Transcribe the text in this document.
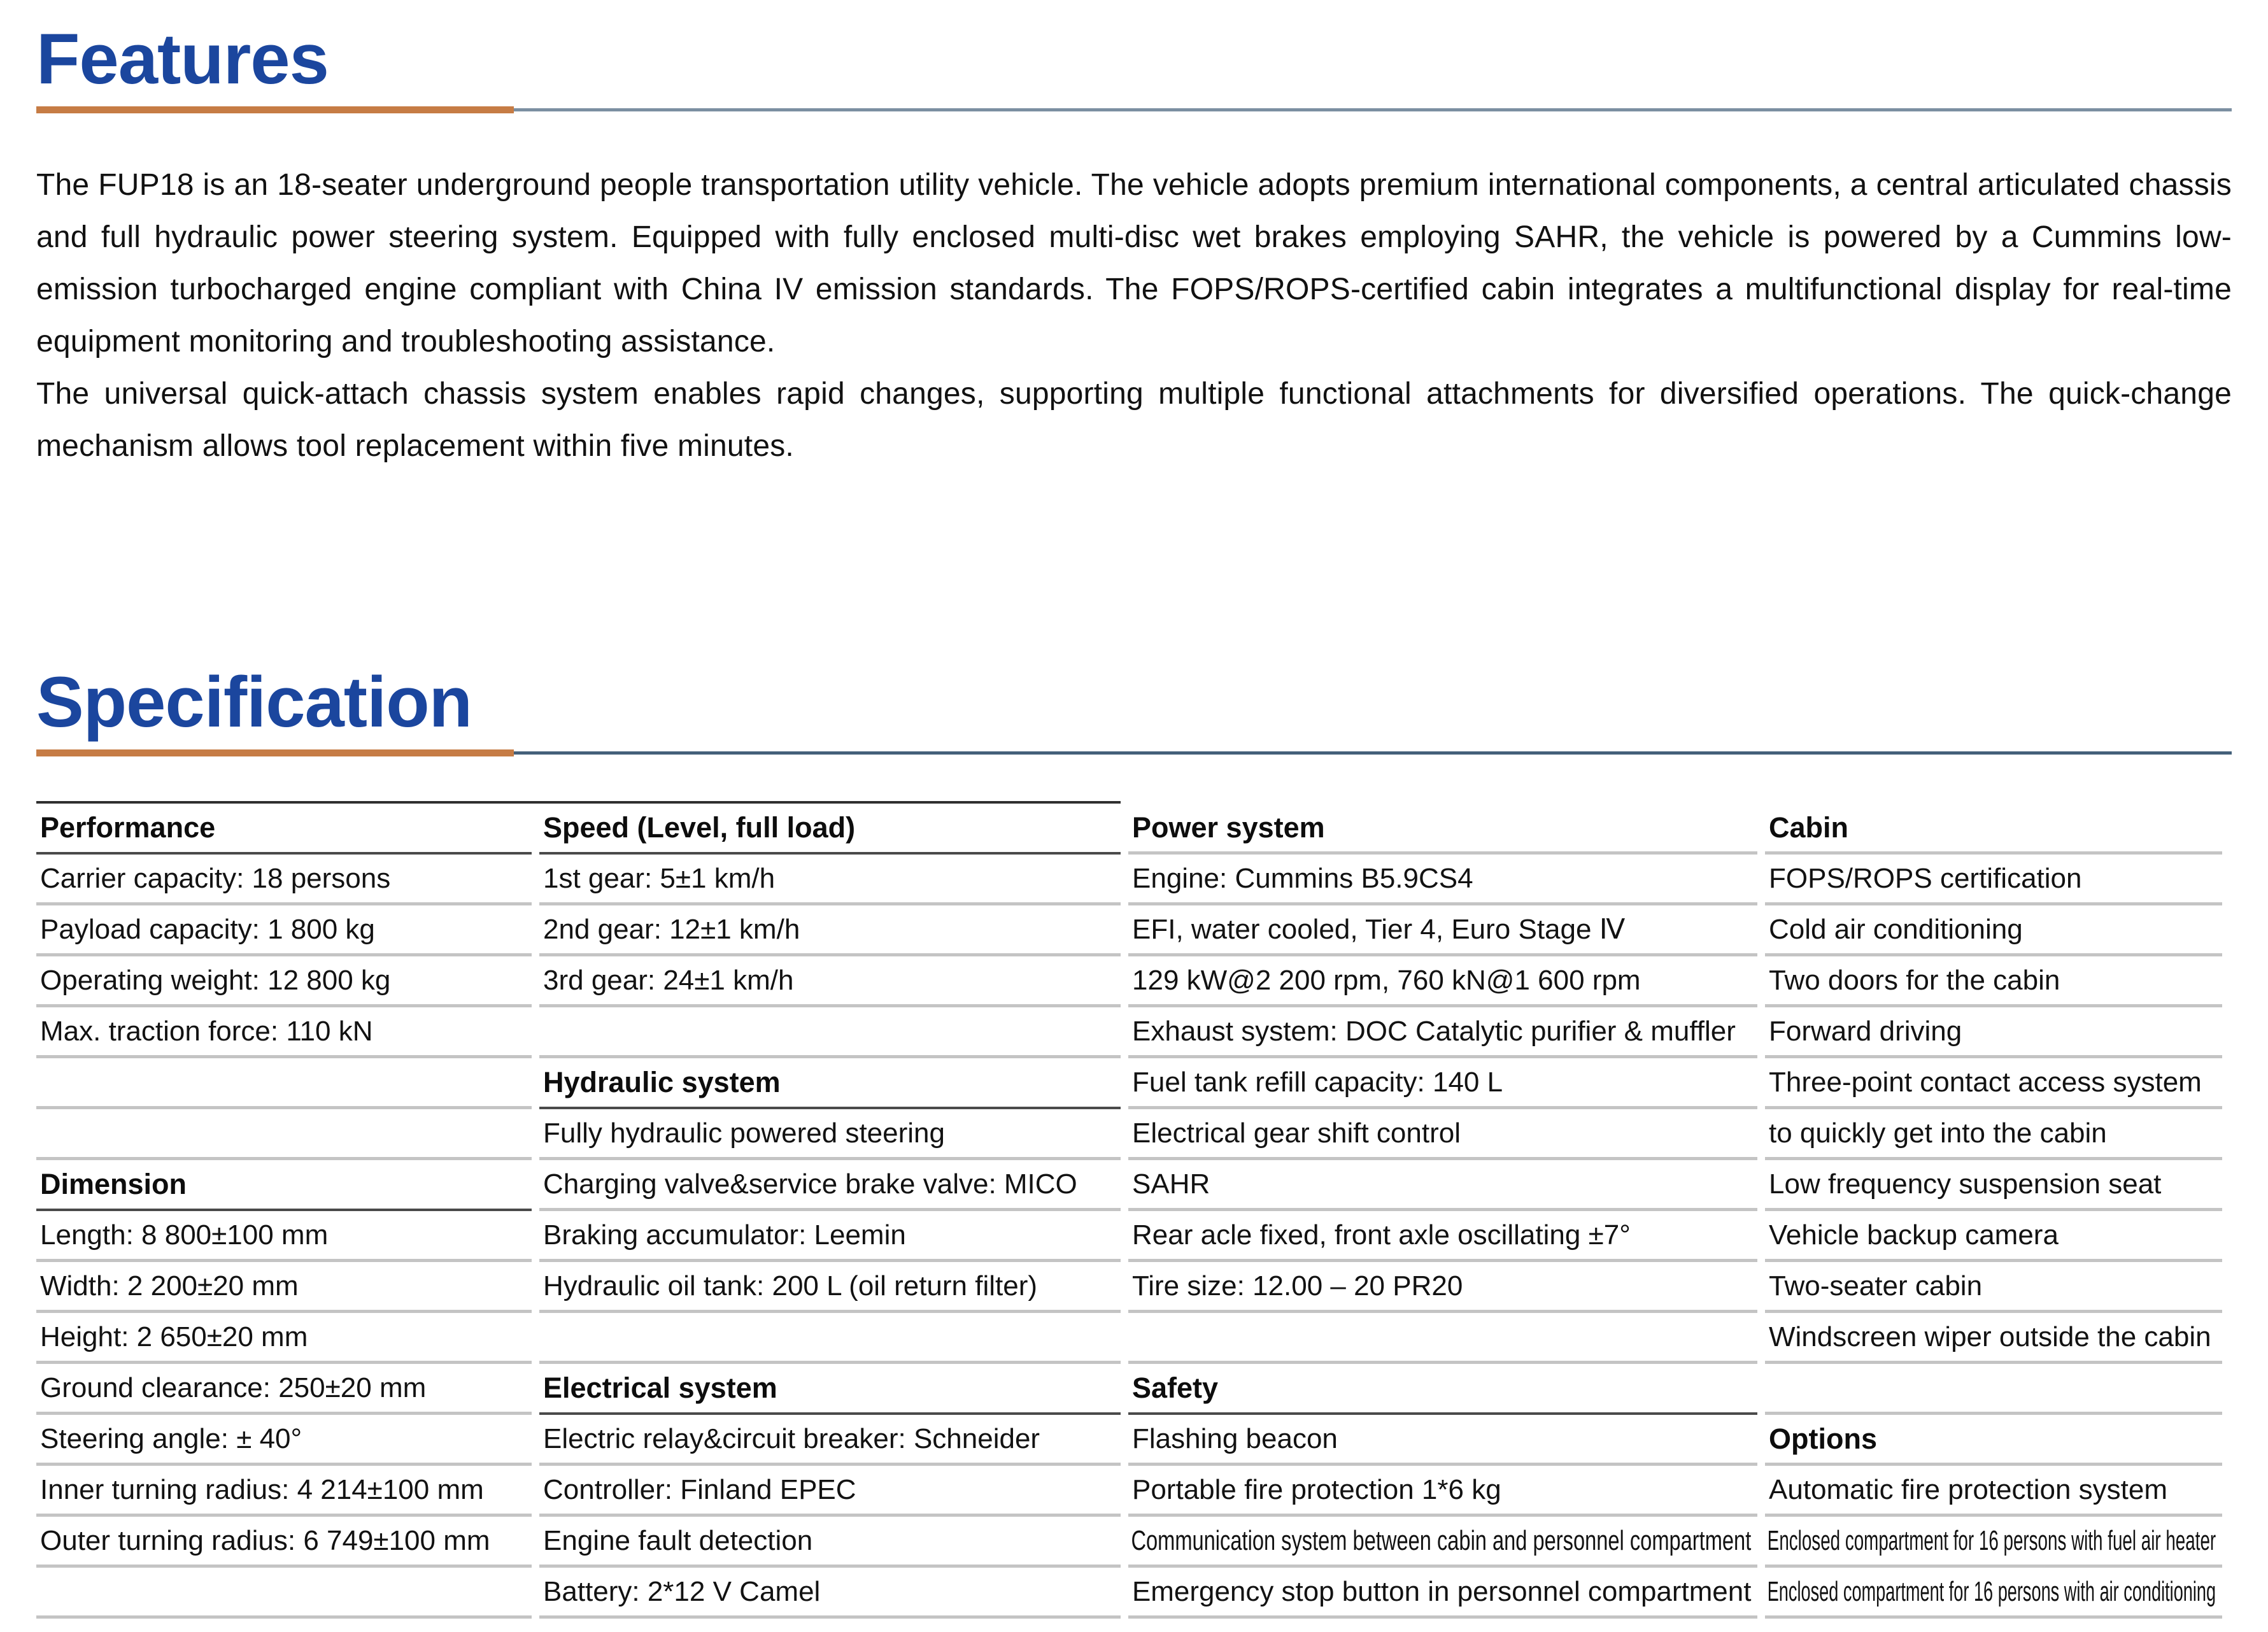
Features

The FUP18 is an 18-seater underground people transportation utility vehicle. The vehicle adopts premium international components, a central articulated chassis and full hydraulic power steering system. Equipped with fully enclosed multi-disc wet brakes employing SAHR, the vehicle is powered by a Cummins low-emission turbocharged engine compliant with China IV emission standards. The FOPS/ROPS-certified cabin integrates a multifunctional display for real-time equipment monitoring and troubleshooting assistance.

The universal quick-attach chassis system enables rapid changes, supporting multiple functional attachments for diversified operations. The quick-change mechanism allows tool replacement within five minutes.

Specification
Performance
Carrier capacity: 18 persons
Payload capacity: 1 800 kg
Operating weight: 12 800 kg
Max. traction force: 110 kN
Dimension
Length: 8 800±100 mm
Width: 2 200±20 mm
Height: 2 650±20 mm
Ground clearance: 250±20 mm
Steering angle: ± 40°
Inner turning radius: 4 214±100 mm
Outer turning radius: 6 749±100 mm
Speed (Level, full load)
1st gear: 5±1 km/h
2nd gear: 12±1 km/h
3rd gear: 24±1 km/h
Hydraulic system
Fully hydraulic powered steering
Charging valve&service brake valve: MICO
Braking accumulator: Leemin
Hydraulic oil tank: 200 L (oil return filter)
Electrical system
Electric relay&circuit breaker: Schneider
Controller: Finland EPEC
Engine fault detection
Battery: 2*12 V Camel
Power system
Engine: Cummins B5.9CS4
EFI, water cooled, Tier 4, Euro Stage Ⅳ
129 kW@2 200 rpm, 760 kN@1 600 rpm
Exhaust system: DOC Catalytic purifier & muffler
Fuel tank refill capacity: 140 L
Electrical gear shift control
SAHR
Rear acle fixed, front axle oscillating ±7°
Tire size: 12.00 – 20 PR20
Safety
Flashing beacon
Portable fire protection 1*6 kg
Communication system between cabin and personnel compartment
Emergency stop button in personnel compartment
Cabin
FOPS/ROPS certification
Cold air conditioning
Two doors for the cabin
Forward driving
Three-point contact access system
to quickly get into the cabin
Low frequency suspension seat
Vehicle backup camera
Two-seater cabin
Windscreen wiper outside the cabin
Options
Automatic fire protection system
Enclosed compartment for 16 persons with fuel air heater
Enclosed compartment for 16 persons with air conditioning
